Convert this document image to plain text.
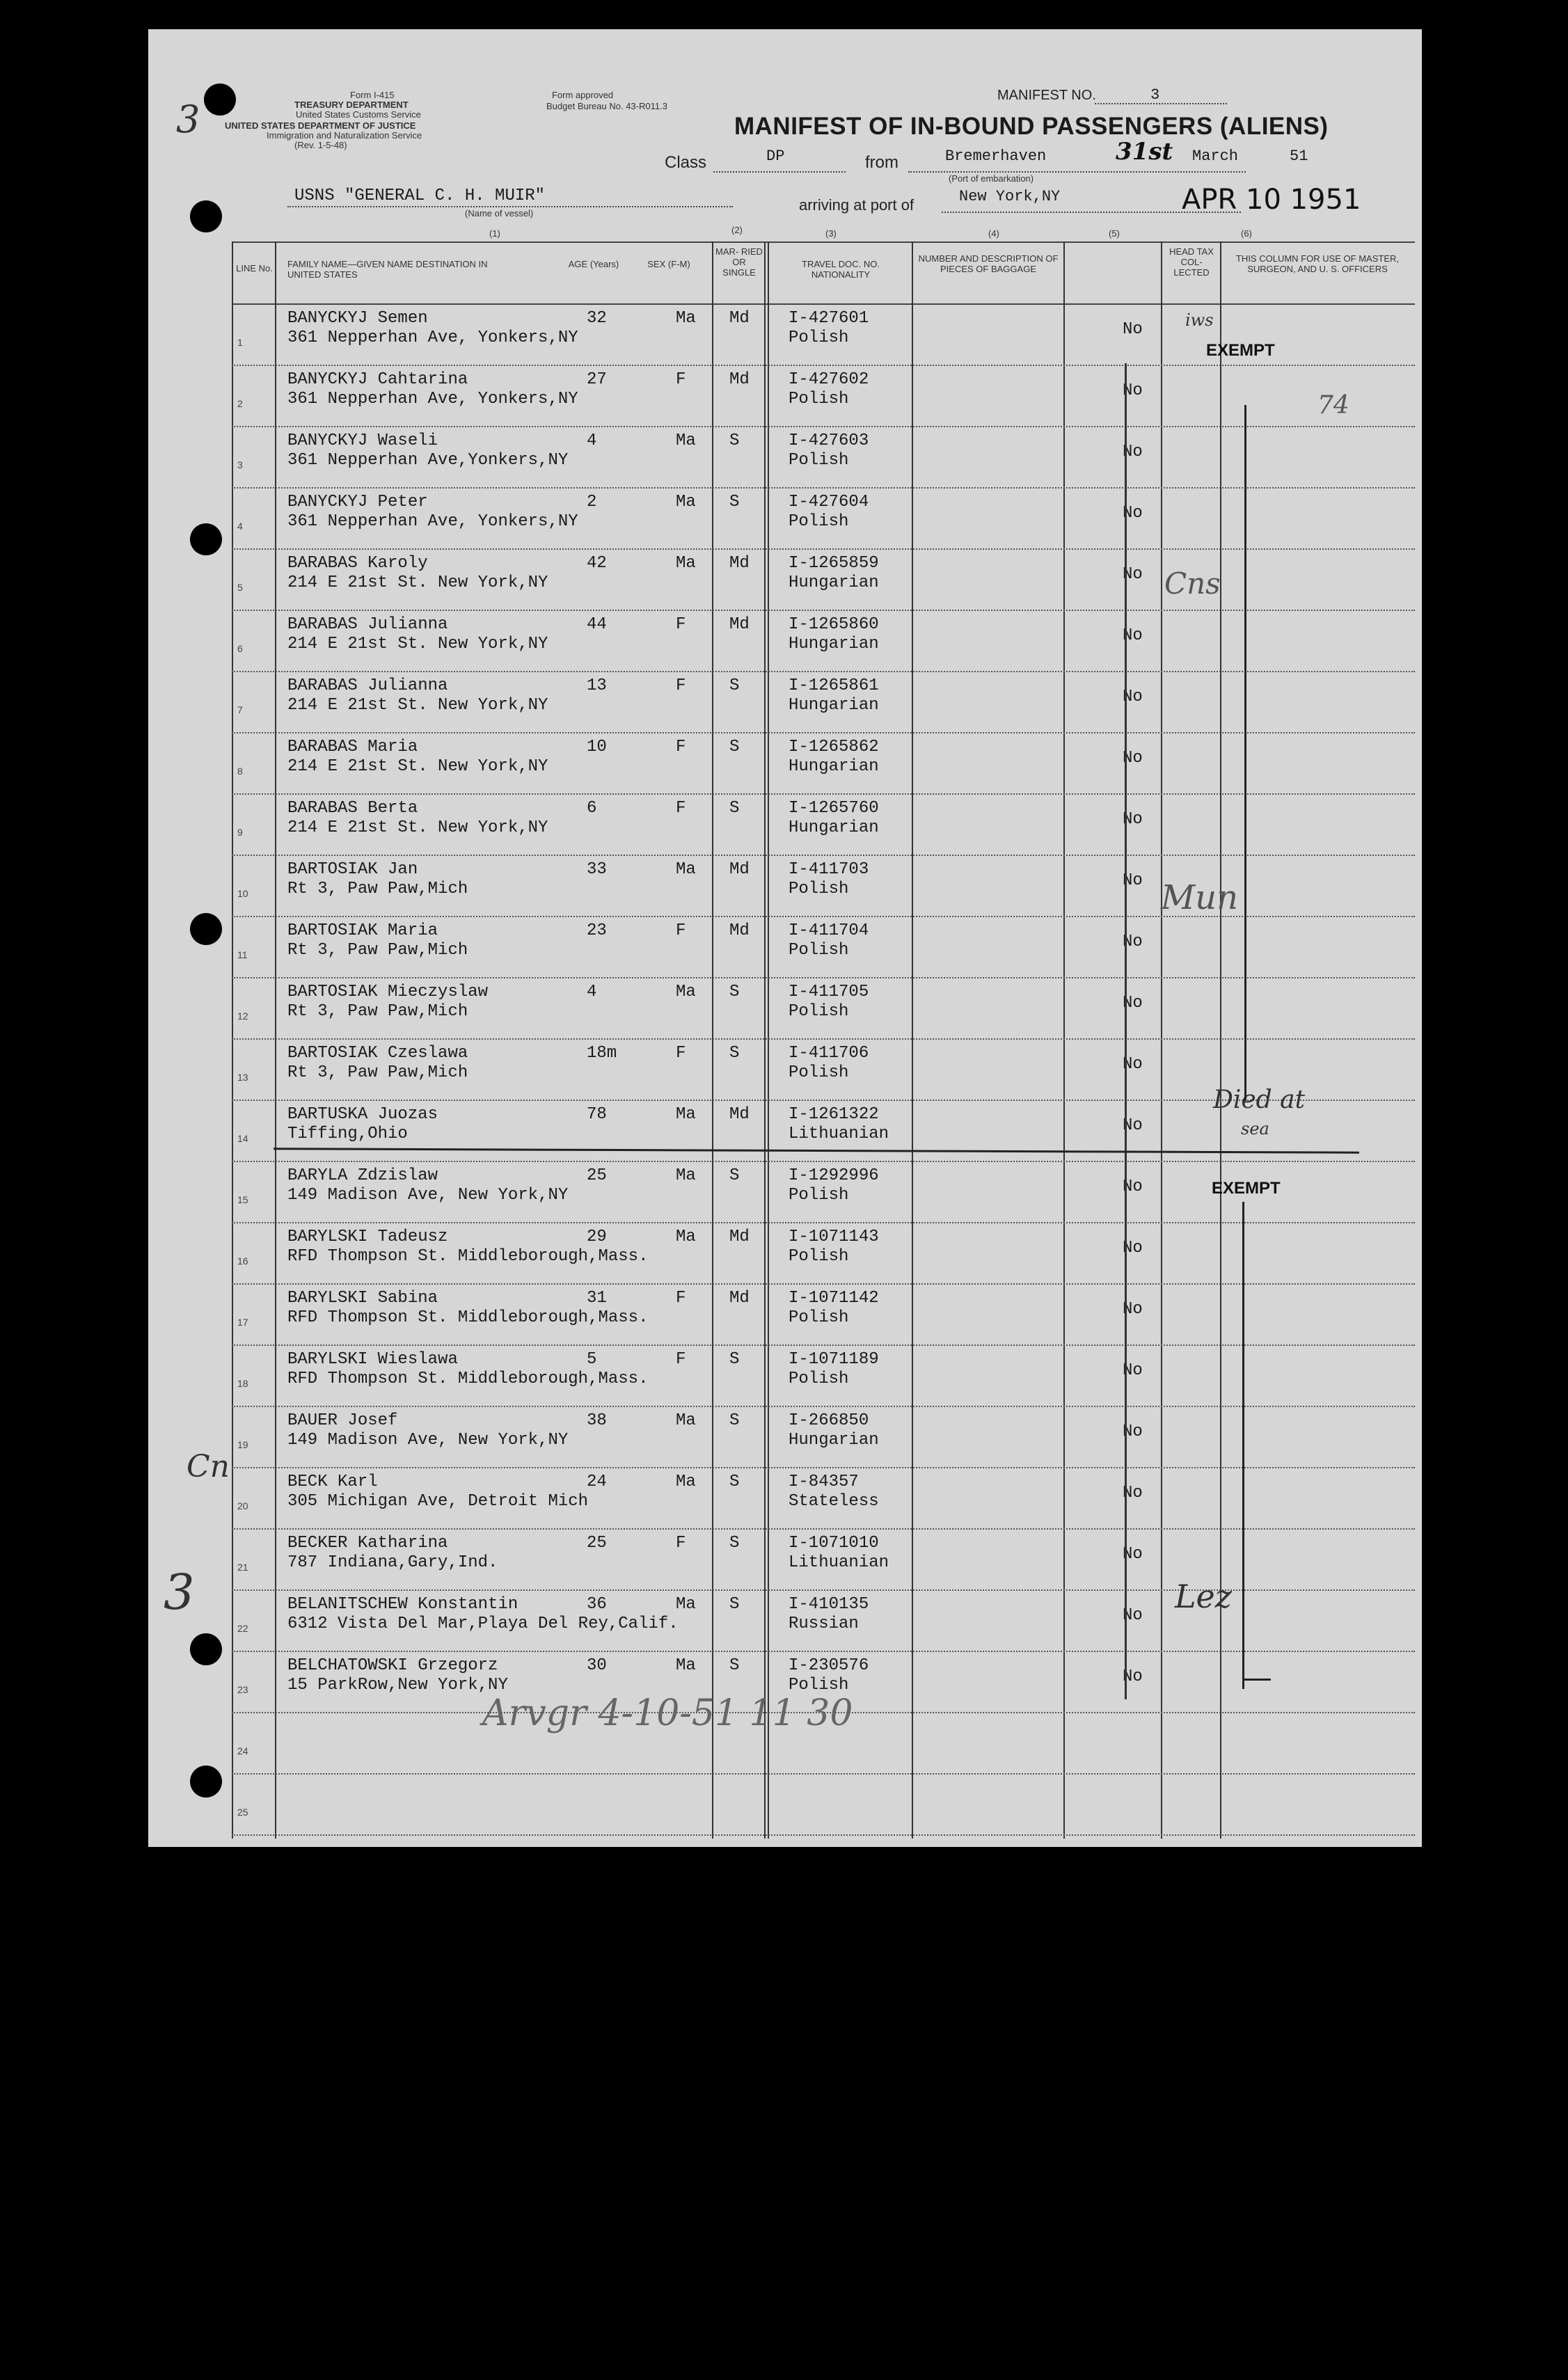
Form I-415
TREASURY DEPARTMENT
United States Customs Service
UNITED STATES DEPARTMENT OF JUSTICE
Immigration and Naturalization Service
(Rev. 1-5-48)
Form approved
Budget Bureau No. 43-R011.3
MANIFEST NO.	3
MANIFEST OF IN-BOUND PASSENGERS (ALIENS)
Class	DP	from	Bremerhaven
(Port of embarkation)
31st March	51
USNS "GENERAL C. H. MUIR"
(Name of vessel)	arriving at port of	New York,NY	APR 10 1951
(1)	(2)	(3)	(4)	(5)	(6)
LINE No. FAMILY NAME—GIVEN NAME DESTINATION IN UNITED STATES
AGE (Years)	SEX (F-M)
MAR- RIED OR SINGLE
TRAVEL DOC. NO. NATIONALITY
NUMBER AND DESCRIPTION OF PIECES OF BAGGAGE
HEAD TAX COL- LECTED
THIS COLUMN FOR USE OF MASTER, SURGEON, AND U. S. OFFICERS
1
BANYCKYJ Semen
361 Nepperhan Ave, Yonkers,NY
32	Ma Md I-427601
Polish	No
2
BANYCKYJ Cahtarina
361 Nepperhan Ave, Yonkers,NY
27	F	Md I-427602
Polish	No
3
BANYCKYJ Waseli
361 Nepperhan Ave,Yonkers,NY
4	Ma S	I-427603
Polish	No
4
BANYCKYJ Peter
361 Nepperhan Ave, Yonkers,NY
2	Ma S	I-427604
Polish	No
5
BARABAS Karoly
214 E 21st St. New York,NY
42	Ma Md I-1265859
Hungarian	No
6
BARABAS Julianna
214 E 21st St. New York,NY
44	F	Md I-1265860
Hungarian	No
7
BARABAS Julianna
214 E 21st St. New York,NY
13	F	S	I-1265861
Hungarian	No
8
BARABAS Maria
214 E 21st St. New York,NY
10	F	S	I-1265862
Hungarian	No
9
BARABAS Berta
214 E 21st St. New York,NY
6	F	S	I-1265760
Hungarian	No
10
BARTOSIAK Jan
Rt 3, Paw Paw,Mich
33	Ma Md I-411703
Polish	No
11
BARTOSIAK Maria
Rt 3, Paw Paw,Mich
23	F	Md I-411704
Polish	No
12
BARTOSIAK Mieczyslaw
Rt 3, Paw Paw,Mich
4	Ma S	I-411705
Polish	No
13
BARTOSIAK Czeslawa
Rt 3, Paw Paw,Mich
18m	F	S	I-411706
Polish	No
14
BARTUSKA Juozas
Tiffing,Ohio
78	Ma Md I-1261322
Lithuanian	No
15
BARYLA Zdzislaw
149 Madison Ave, New York,NY
25	Ma S	I-1292996
Polish	No
16
BARYLSKI Tadeusz
RFD Thompson St. Middleborough,Mass.
29	Ma Md I-1071143
Polish	No
17
BARYLSKI Sabina
RFD Thompson St. Middleborough,Mass.
31	F	Md I-1071142
Polish	No
18
BARYLSKI Wieslawa
RFD Thompson St. Middleborough,Mass.
5	F	S	I-1071189
Polish	No
19
BAUER Josef
149 Madison Ave, New York,NY
38	Ma S	I-266850
Hungarian	No
20
BECK Karl
305 Michigan Ave, Detroit Mich
24	Ma S	I-84357
Stateless	No
21
BECKER Katharina
787 Indiana,Gary,Ind.
25	F	S	I-1071010
Lithuanian	No
22
BELANITSCHEW Konstantin
6312 Vista Del Mar,Playa Del Rey,Calif.
36	Ma S	I-410135
Russian	No
23
BELCHATOWSKI Grzegorz
15 ParkRow,New York,NY
30	Ma S	I-230576
Polish	No
24
25
EXEMPT
EXEMPT
iws
Died at
sea
Arvgr 4-10-51 11 30
3
3
Cn
Cns
Mun
Lez
74
